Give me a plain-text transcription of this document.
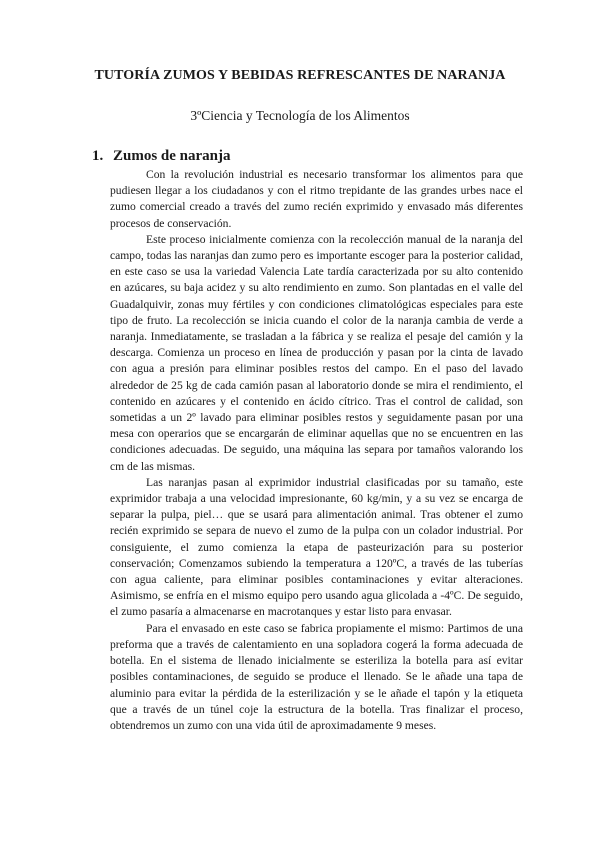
TUTORÍA ZUMOS Y BEBIDAS REFRESCANTES DE NARANJA

3ºCiencia y Tecnología de los Alimentos

1. Zumos de naranja

Con la revolución industrial es necesario transformar los alimentos para que pudiesen llegar a los ciudadanos y con el ritmo trepidante de las grandes urbes nace el zumo comercial creado a través del zumo recién exprimido y envasado más diferentes procesos de conservación.

Este proceso inicialmente comienza con la recolección manual de la naranja del campo, todas las naranjas dan zumo pero es importante escoger para la posterior calidad, en este caso se usa la variedad Valencia Late tardía caracterizada por su alto contenido en azúcares, su baja acidez y su alto rendimiento en zumo. Son plantadas en el valle del Guadalquivir, zonas muy fértiles y con condiciones climatológicas especiales para este tipo de fruto. La recolección se inicia cuando el color de la naranja cambia de verde a naranja. Inmediatamente, se trasladan a la fábrica y se realiza el pesaje del camión y la descarga. Comienza un proceso en línea de producción y pasan por la cinta de lavado con agua a presión para eliminar posibles restos del campo. En el paso del lavado alrededor de 25 kg de cada camión pasan al laboratorio donde se mira el rendimiento, el contenido en azúcares y el contenido en ácido cítrico. Tras el control de calidad, son sometidas a un 2º lavado para eliminar posibles restos y seguidamente pasan por una mesa con operarios que se encargarán de eliminar aquellas que no se encuentren en las condiciones adecuadas. De seguido, una máquina las separa por tamaños valorando los cm de las mismas.

Las naranjas pasan al exprimidor industrial clasificadas por su tamaño, este exprimidor trabaja a una velocidad impresionante, 60 kg/min, y a su vez se encarga de separar la pulpa, piel… que se usará para alimentación animal. Tras obtener el zumo recién exprimido se separa de nuevo el zumo de la pulpa con un colador industrial. Por consiguiente, el zumo comienza la etapa de pasteurización para su posterior conservación; Comenzamos subiendo la temperatura a 120ºC, a través de las tuberías con agua caliente, para eliminar posibles contaminaciones y evitar alteraciones. Asimismo, se enfría en el mismo equipo pero usando agua glicolada a -4ºC. De seguido, el zumo pasaría a almacenarse en macrotanques y estar listo para envasar.

Para el envasado en este caso se fabrica propiamente el mismo: Partimos de una preforma que a través de calentamiento en una sopladora cogerá la forma adecuada de botella. En el sistema de llenado inicialmente se esteriliza la botella para así evitar posibles contaminaciones, de seguido se produce el llenado. Se le añade una tapa de aluminio para evitar la pérdida de la esterilización y se le añade el tapón y la etiqueta que a través de un túnel coje la estructura de la botella. Tras finalizar el proceso, obtendremos un zumo con una vida útil de aproximadamente 9 meses.
